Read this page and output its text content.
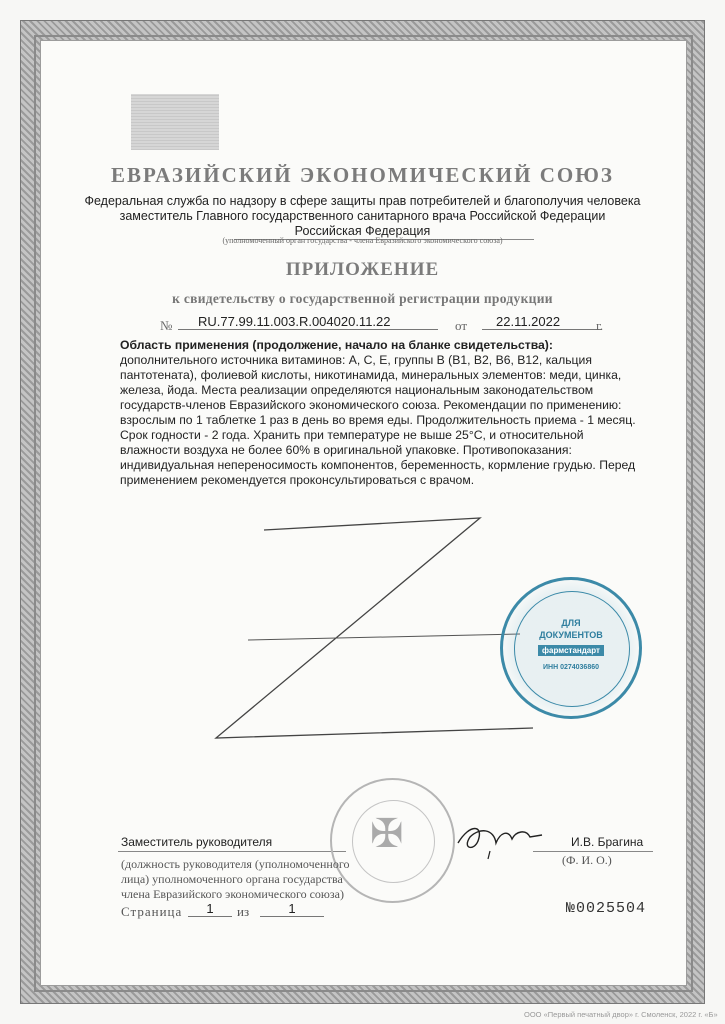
ЕВРАЗИЙСКИЙ ЭКОНОМИЧЕСКИЙ СОЮЗ
Федеральная служба по надзору в сфере защиты прав потребителей и благополучия человека
заместитель Главного государственного санитарного врача Российской Федерации
Российская Федерация
(уполномоченный орган государства - члена Евразийского экономического союза)
ПРИЛОЖЕНИЕ
к свидетельству о государственной регистрации продукции
№	RU.77.99.11.003.R.004020.11.22	от	22.11.2022	г.
Область применения (продолжение, начало на бланке свидетельства):
дополнительного источника витаминов: А, С, Е, группы В (В1, В2, В6, В12, кальция пантотената), фолиевой кислоты, никотинамида, минеральных элементов: меди, цинка, железа, йода. Места реализации определяются национальным законодательством государств-членов Евразийского экономического союза. Рекомендации по применению: взрослым по 1 таблетке 1 раз в день во время еды. Продолжительность приема - 1 месяц. Срок годности - 2 года. Хранить при температуре не выше 25°С, и относительной влажности воздуха не более 60% в оригинальной упаковке. Противопоказания: индивидуальная непереносимость компонентов, беременность, кормление грудью. Перед применением рекомендуется проконсультироваться с врачом.
ДЛЯ
ДОКУМЕНТОВ
фармстандарт
ИНН 0274036860
Заместитель руководителя ✠	И.В. Брагина
(должность руководителя (уполномоченного
лица) уполномоченного органа государства
члена Евразийского экономического союза)
(Ф. И. О.)
Страница	1	из	1	№0025504
ООО «Первый печатный двор» г. Смоленск, 2022 г. «Б»
